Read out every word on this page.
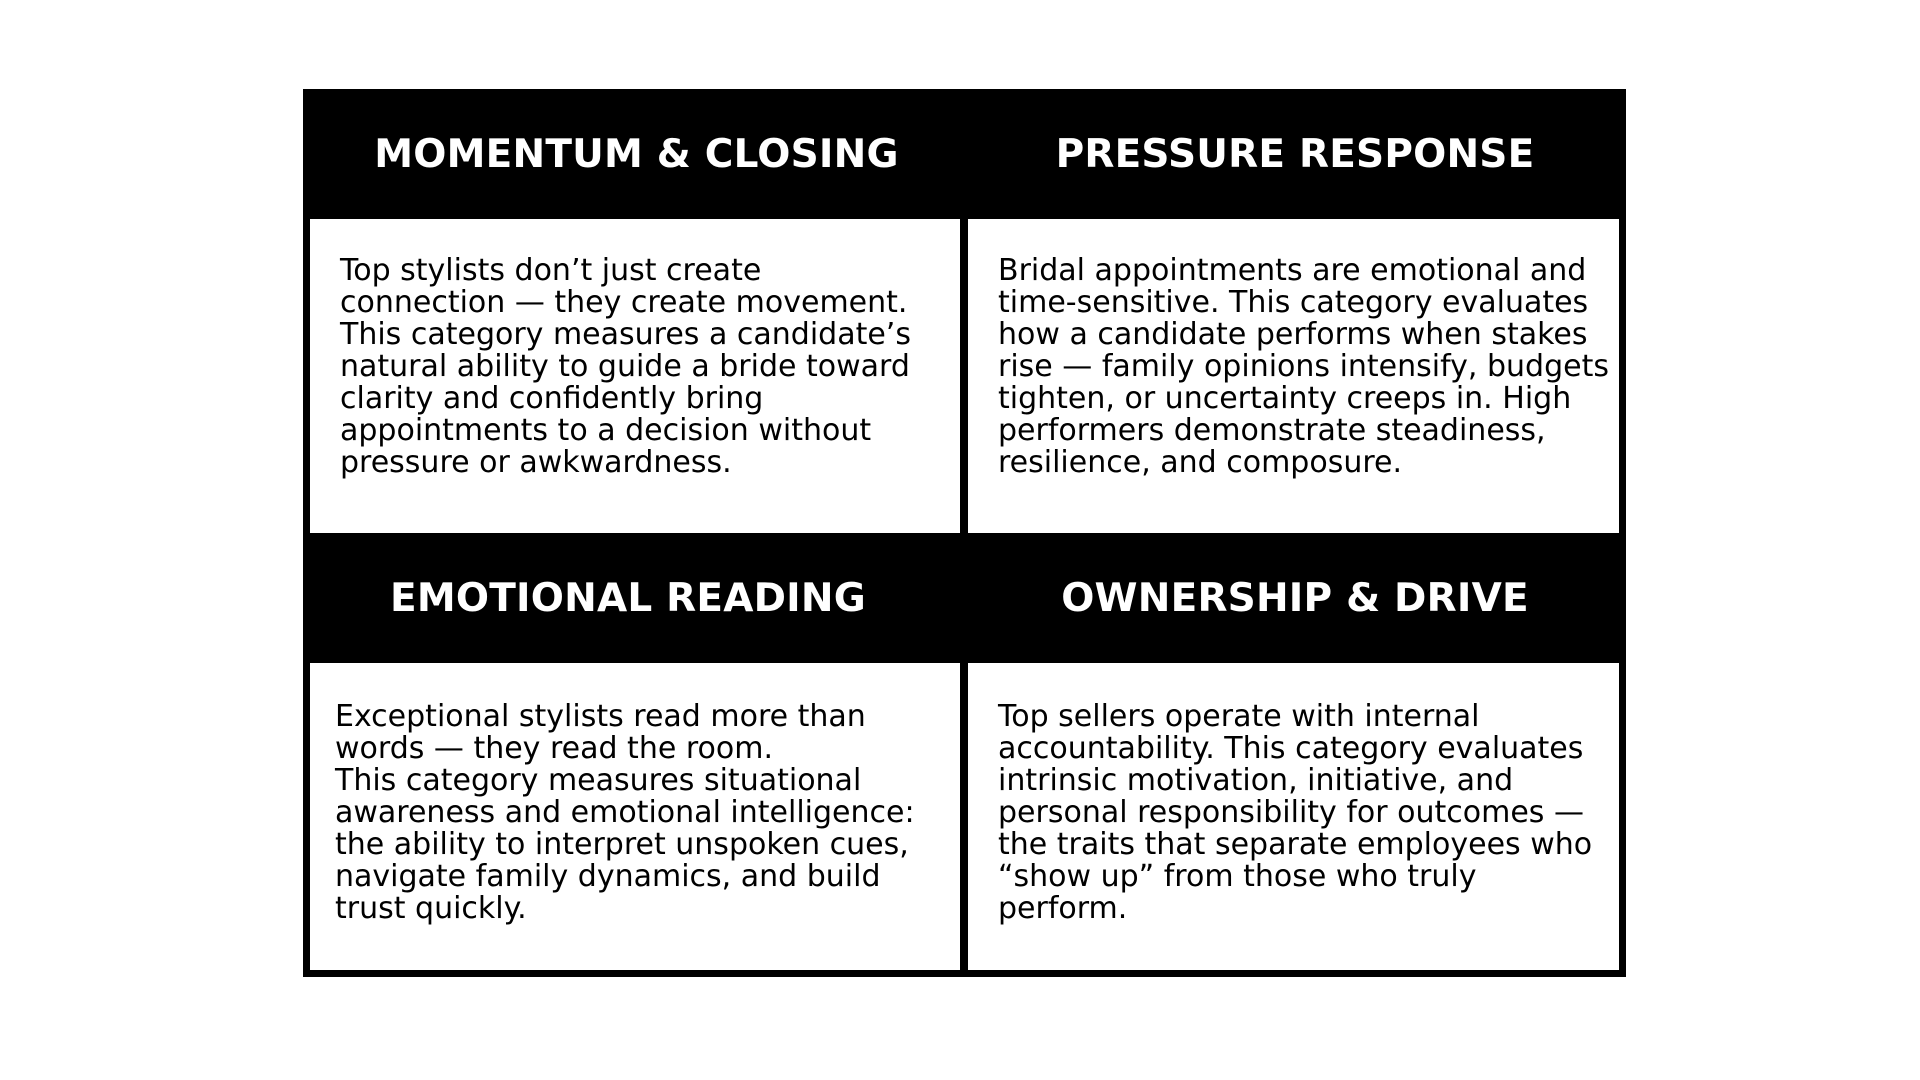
MOMENTUM & CLOSING	PRESSURE RESPONSE
Top stylists don’t just create
connection — they create movement.
This category measures a candidate’s
natural ability to guide a bride toward
clarity and confidently bring
appointments to a decision without
pressure or awkwardness.
Bridal appointments are emotional and
time-sensitive. This category evaluates
how a candidate performs when stakes
rise — family opinions intensify, budgets
tighten, or uncertainty creeps in. High
performers demonstrate steadiness,
resilience, and composure.
EMOTIONAL READING	OWNERSHIP & DRIVE
Exceptional stylists read more than
words — they read the room.
This category measures situational
awareness and emotional intelligence:
the ability to interpret unspoken cues,
navigate family dynamics, and build
trust quickly.
Top sellers operate with internal
accountability. This category evaluates
intrinsic motivation, initiative, and
personal responsibility for outcomes —
the traits that separate employees who
“show up” from those who truly
perform.
